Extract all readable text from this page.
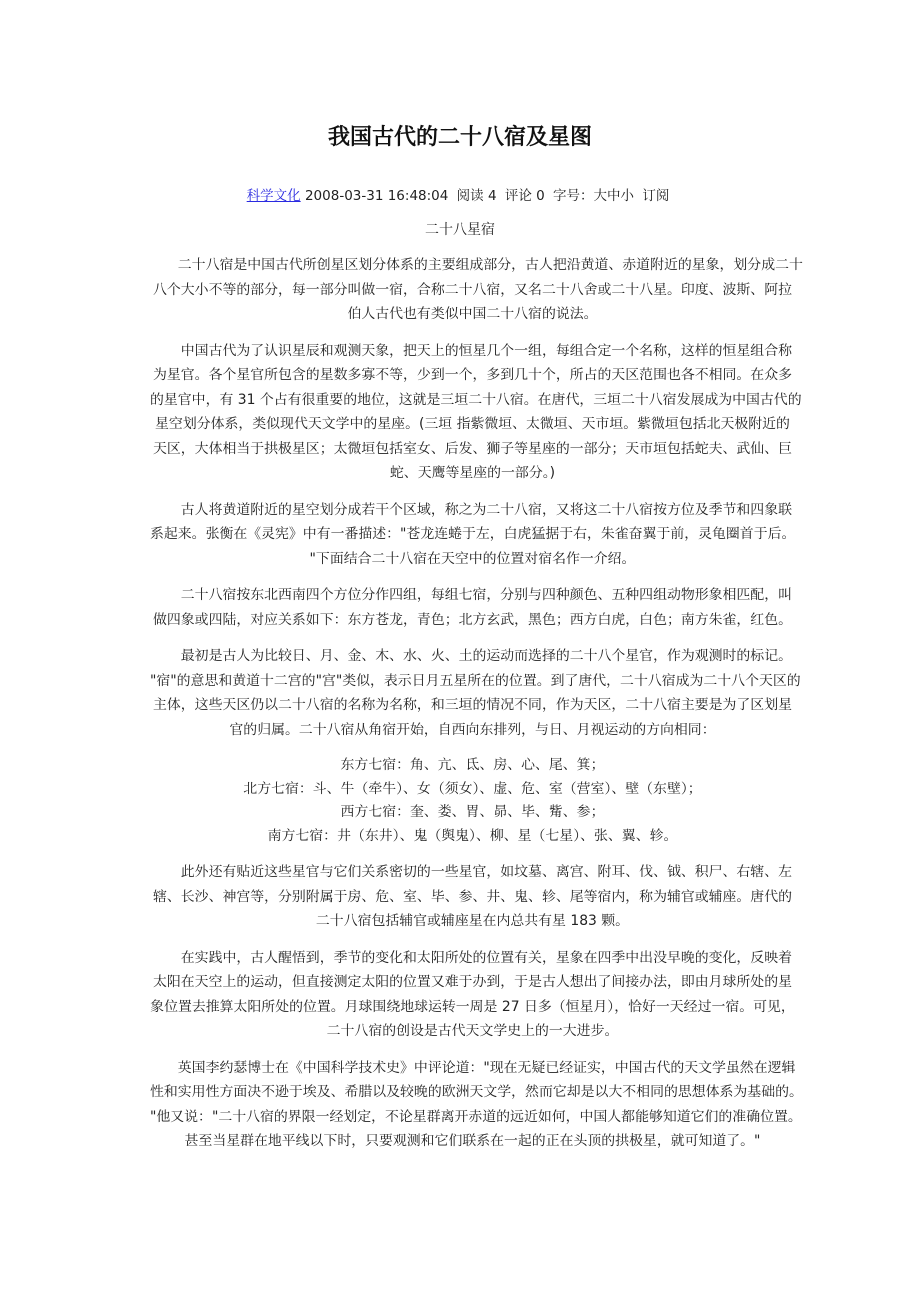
我国古代的二十八宿及星图
科学文化 2008-03-31 16:48:04 阅读 4 评论 0 字号：大中小 订阅
二十八星宿
　　二十八宿是中国古代所创星区划分体系的主要组成部分，古人把沿黄道、赤道附近的星象，划分成二十
八个大小不等的部分，每一部分叫做一宿，合称二十八宿，又名二十八舍或二十八星。印度、波斯、阿拉
伯人古代也有类似中国二十八宿的说法。
　　中国古代为了认识星辰和观测天象，把天上的恒星几个一组，每组合定一个名称，这样的恒星组合称
为星官。各个星官所包含的星数多寡不等，少到一个，多到几十个，所占的天区范围也各不相同。在众多
的星官中，有 31 个占有很重要的地位，这就是三垣二十八宿。在唐代，三垣二十八宿发展成为中国古代的
星空划分体系，类似现代天文学中的星座。(三垣 指紫微垣、太微垣、天市垣。紫微垣包括北天极附近的
天区，大体相当于拱极星区；太微垣包括室女、后发、狮子等星座的一部分；天市垣包括蛇夫、武仙、巨
蛇、天鹰等星座的一部分。)
　　古人将黄道附近的星空划分成若干个区域，称之为二十八宿，又将这二十八宿按方位及季节和四象联
系起来。张衡在《灵宪》中有一番描述："苍龙连蜷于左，白虎猛据于右，朱雀奋翼于前，灵龟圈首于后。
"下面结合二十八宿在天空中的位置对宿名作一介绍。
　　二十八宿按东北西南四个方位分作四组，每组七宿，分别与四种颜色、五种四组动物形象相匹配，叫
做四象或四陆，对应关系如下：东方苍龙，青色；北方玄武，黑色；西方白虎，白色；南方朱雀，红色。
　　最初是古人为比较日、月、金、木、水、火、土的运动而选择的二十八个星官，作为观测时的标记。
"宿"的意思和黄道十二宫的"宫"类似，表示日月五星所在的位置。到了唐代，二十八宿成为二十八个天区的
主体，这些天区仍以二十八宿的名称为名称，和三垣的情况不同，作为天区，二十八宿主要是为了区划星
官的归属。二十八宿从角宿开始，自西向东排列，与日、月视运动的方向相同：
东方七宿：角、亢、氐、房、心、尾、箕；
北方七宿：斗、牛（牵牛）、女（须女）、虚、危、室（营室）、壁（东壁）；
西方七宿：奎、娄、胃、昴、毕、觜、参；
南方七宿：井（东井）、鬼（舆鬼）、柳、星（七星）、张、翼、轸。
　　此外还有贴近这些星官与它们关系密切的一些星官，如坟墓、离宫、附耳、伐、钺、积尸、右辖、左
辖、长沙、神宫等，分别附属于房、危、室、毕、参、井、鬼、轸、尾等宿内，称为辅官或辅座。唐代的
二十八宿包括辅官或辅座星在内总共有星 183 颗。
　　在实践中，古人醒悟到，季节的变化和太阳所处的位置有关，星象在四季中出没早晚的变化，反映着
太阳在天空上的运动，但直接测定太阳的位置又难于办到，于是古人想出了间接办法，即由月球所处的星
象位置去推算太阳所处的位置。月球围绕地球运转一周是 27 日多（恒星月），恰好一天经过一宿。可见，
二十八宿的创设是古代天文学史上的一大进步。
　　英国李约瑟博士在《中国科学技术史》中评论道："现在无疑已经证实，中国古代的天文学虽然在逻辑
性和实用性方面决不逊于埃及、希腊以及较晚的欧洲天文学，然而它却是以大不相同的思想体系为基础的。
"他又说："二十八宿的界限一经划定，不论星群离开赤道的远近如何，中国人都能够知道它们的准确位置。
甚至当星群在地平线以下时，只要观测和它们联系在一起的正在头顶的拱极星，就可知道了。"
